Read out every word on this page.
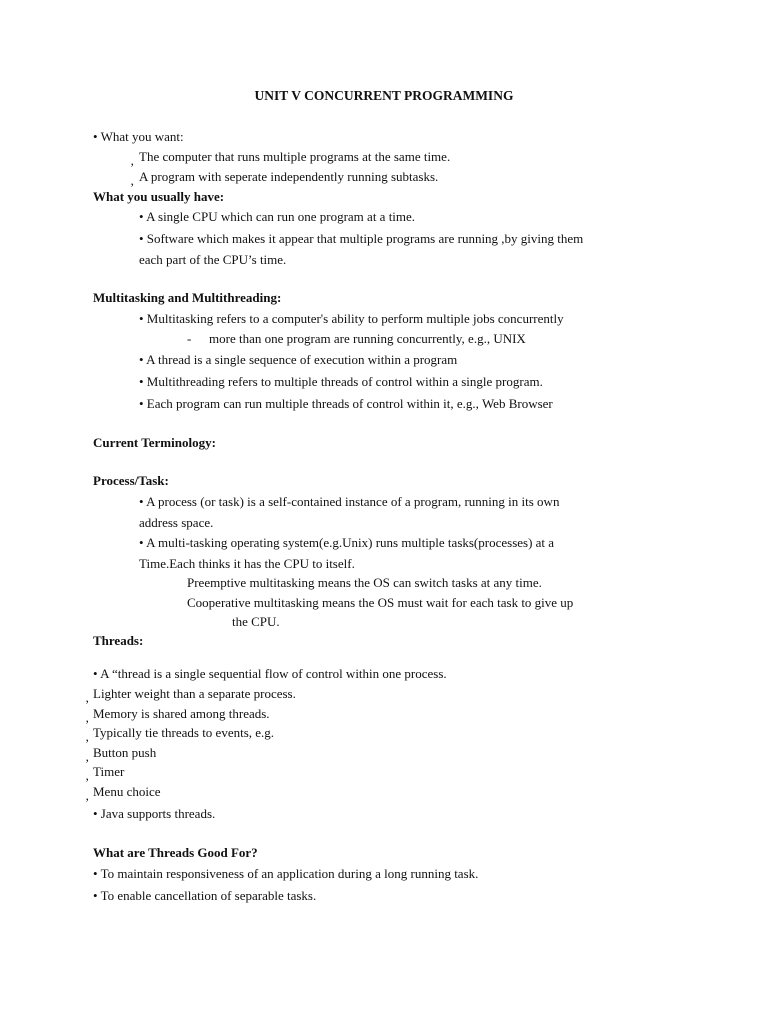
UNIT V CONCURRENT PROGRAMMING
• What you want:
‚ The computer that runs multiple programs at the same time.
‚ A program with seperate independently running subtasks.
What you usually have:
• A single CPU which can run one program at a time.
• Software which makes it appear that multiple programs are running ,by giving them
each part of the CPU’s time.
Multitasking and Multithreading:
• Multitasking refers to a computer's ability to perform multiple jobs concurrently
- more than one program are running concurrently, e.g., UNIX
• A thread is a single sequence of execution within a program
• Multithreading refers to multiple threads of control within a single program.
• Each program can run multiple threads of control within it, e.g., Web Browser
Current Terminology:
Process/Task:
• A process (or task) is a self-contained instance of a program, running in its own
address space.
• A multi-tasking operating system(e.g.Unix) runs multiple tasks(processes) at a
Time.Each thinks it has the CPU to itself.
Preemptive multitasking means the OS can switch tasks at any time.
Cooperative multitasking means the OS must wait for each task to give up
the CPU.
Threads:
• A “thread is a single sequential flow of control within one process.
‚ Lighter weight than a separate process.
‚ Memory is shared among threads.
‚ Typically tie threads to events, e.g.
‚ Button push
‚ Timer
‚ Menu choice
• Java supports threads.
What are Threads Good For?
• To maintain responsiveness of an application during a long running task.
• To enable cancellation of separable tasks.
